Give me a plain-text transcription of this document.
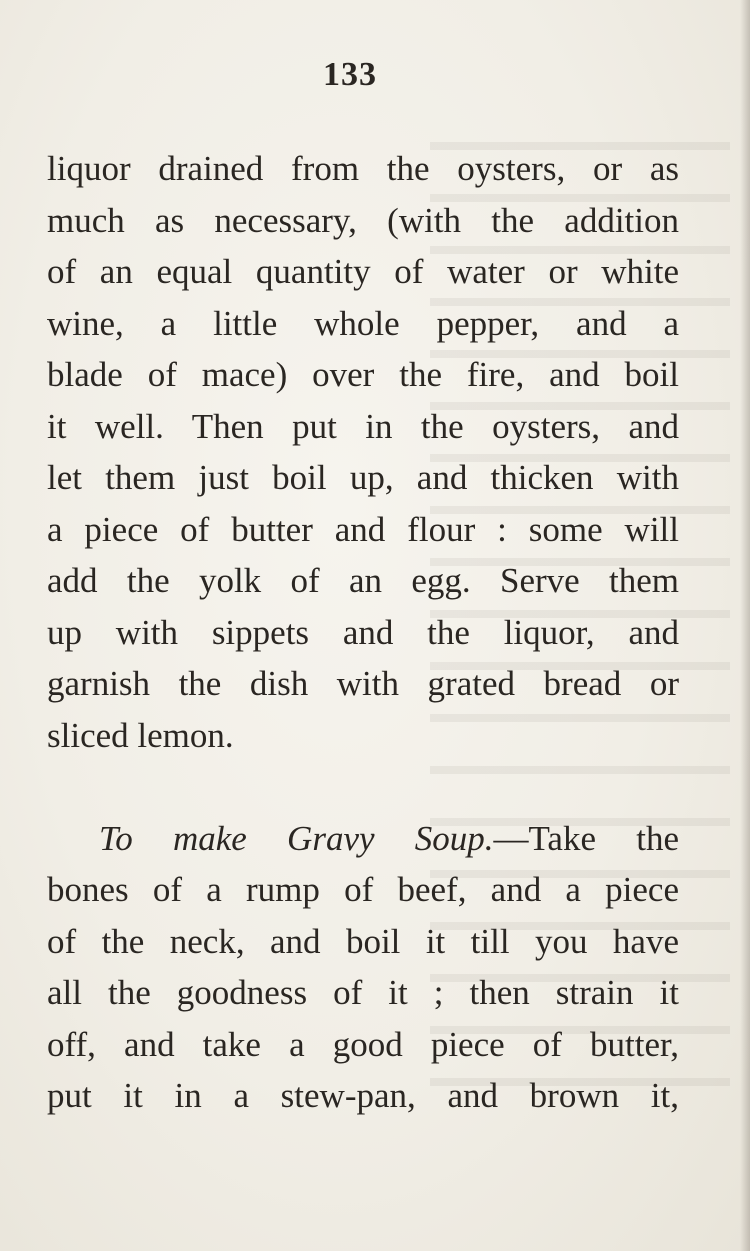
133
liquor drained from the oysters, or as
much as necessary, (with the addition
of an equal quantity of water or white
wine, a little whole pepper, and a
blade of mace) over the fire, and boil
it well. Then put in the oysters, and
let them just boil up, and thicken with
a piece of butter and flour : some will
add the yolk of an egg. Serve them
up with sippets and the liquor, and
garnish the dish with grated bread or
sliced lemon.
To make Gravy Soup.—Take the
bones of a rump of beef, and a piece
of the neck, and boil it till you have
all the goodness of it ; then strain it
off, and take a good piece of butter,
put it in a stew-pan, and brown it,
